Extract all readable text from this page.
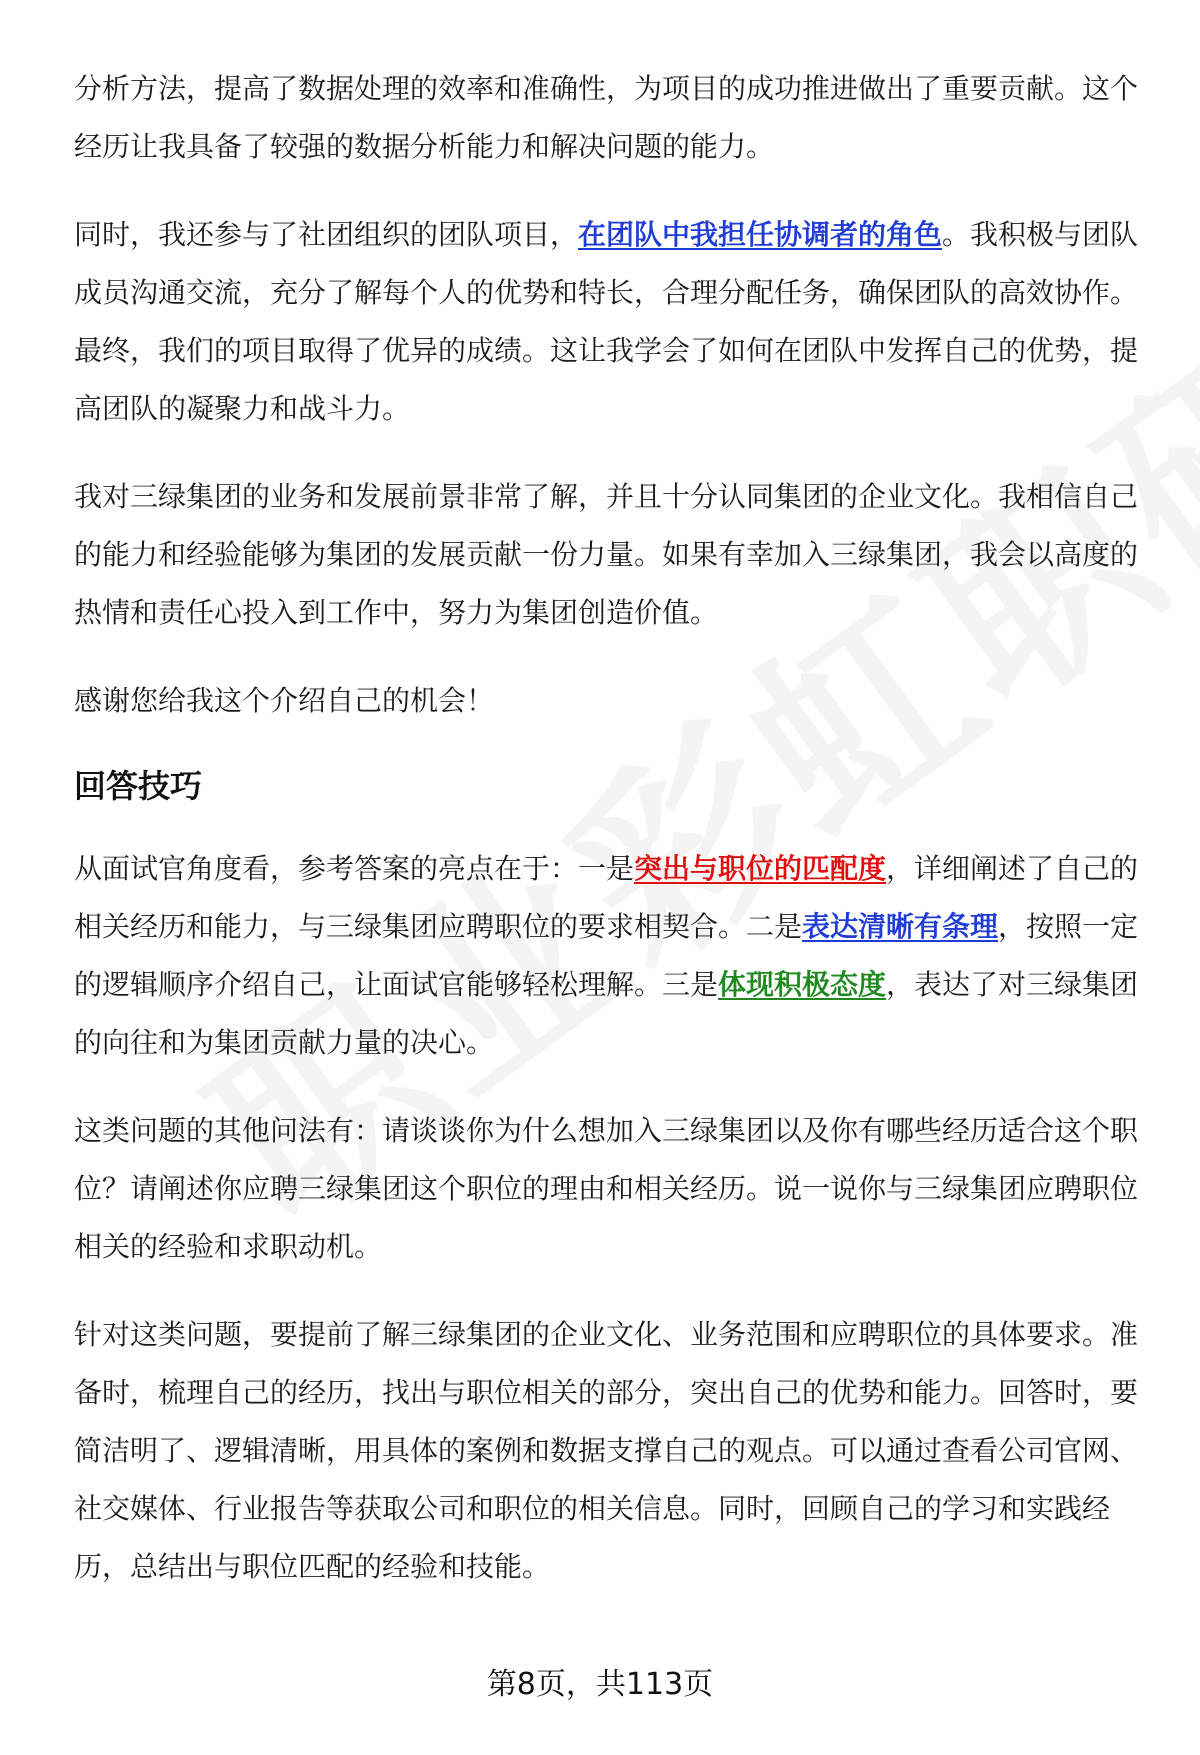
分析方法，提高了数据处理的效率和准确性，为项目的成功推进做出了重要贡献。这个经历让我具备了较强的数据分析能力和解决问题的能力。

同时，我还参与了社团组织的团队项目，在团队中我担任协调者的角色。我积极与团队成员沟通交流，充分了解每个人的优势和特长，合理分配任务，确保团队的高效协作。最终，我们的项目取得了优异的成绩。这让我学会了如何在团队中发挥自己的优势，提高团队的凝聚力和战斗力。

我对三绿集团的业务和发展前景非常了解，并且十分认同集团的企业文化。我相信自己的能力和经验能够为集团的发展贡献一份力量。如果有幸加入三绿集团，我会以高度的热情和责任心投入到工作中，努力为集团创造价值。

感谢您给我这个介绍自己的机会！

回答技巧

从面试官角度看，参考答案的亮点在于：一是突出与职位的匹配度，详细阐述了自己的相关经历和能力，与三绿集团应聘职位的要求相契合。二是表达清晰有条理，按照一定的逻辑顺序介绍自己，让面试官能够轻松理解。三是体现积极态度，表达了对三绿集团的向往和为集团贡献力量的决心。

这类问题的其他问法有：请谈谈你为什么想加入三绿集团以及你有哪些经历适合这个职位？请阐述你应聘三绿集团这个职位的理由和相关经历。说一说你与三绿集团应聘职位相关的经验和求职动机。

针对这类问题，要提前了解三绿集团的企业文化、业务范围和应聘职位的具体要求。准备时，梳理自己的经历，找出与职位相关的部分，突出自己的优势和能力。回答时，要简洁明了、逻辑清晰，用具体的案例和数据支撑自己的观点。可以通过查看公司官网、社交媒体、行业报告等获取公司和职位的相关信息。同时，回顾自己的学习和实践经历，总结出与职位匹配的经验和技能。

第8页，共113页
